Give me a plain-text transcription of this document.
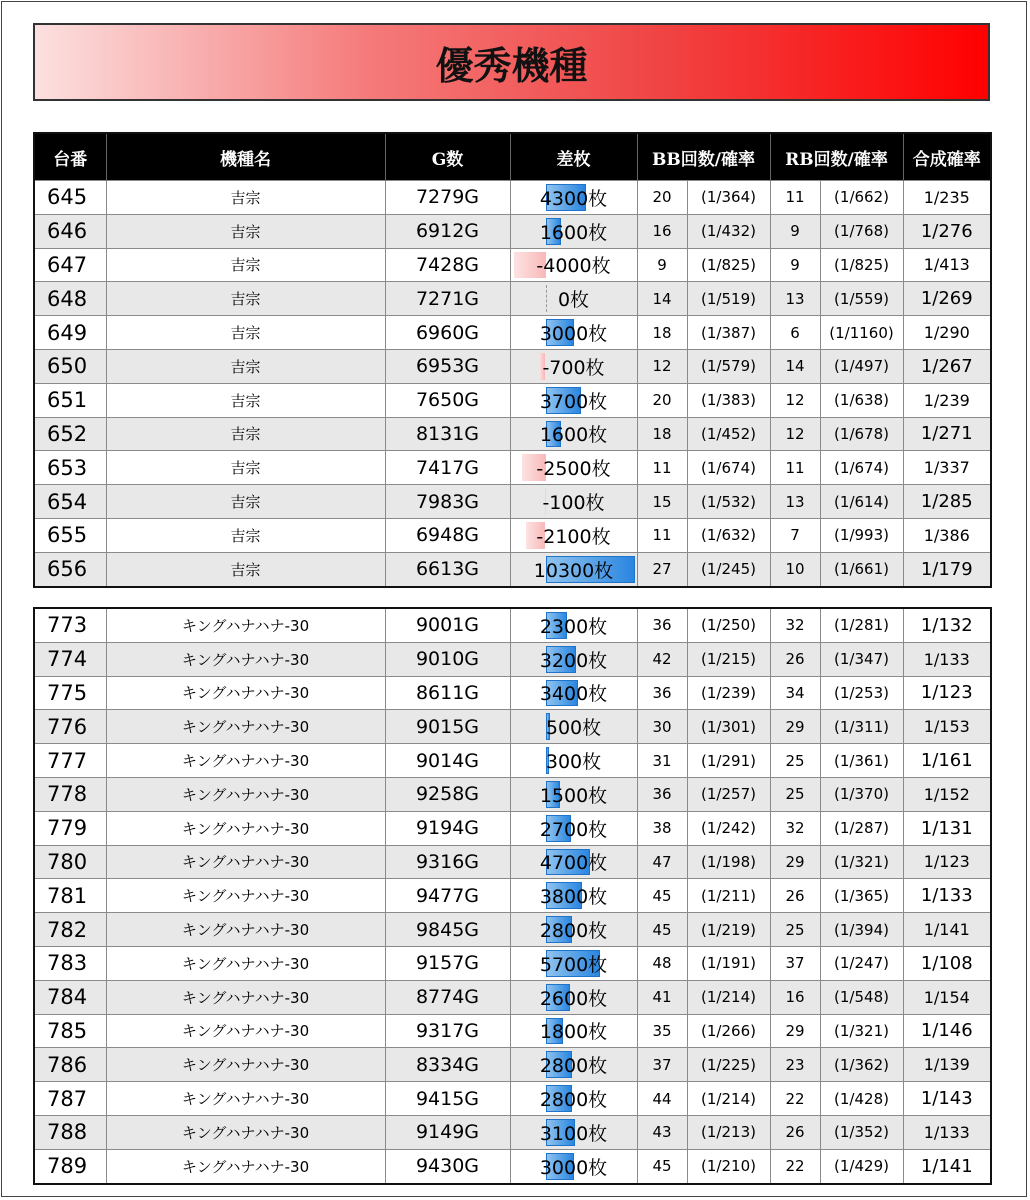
優秀機種
台番	機種名	G数	差枚	BB回数/確率		RB回数/確率		合成確率
645	吉宗	7279G	4300枚	20	(1/364)	11	(1/662)	1/235
646	吉宗	6912G	1600枚	16	(1/432)	9	(1/768)	1/276
647	吉宗	7428G	-4000枚	9	(1/825)	9	(1/825)	1/413
648	吉宗	7271G	0枚	14	(1/519)	13	(1/559)	1/269
649	吉宗	6960G	3000枚	18	(1/387)	6	(1/1160)	1/290
650	吉宗	6953G	-700枚	12	(1/579)	14	(1/497)	1/267
651	吉宗	7650G	3700枚	20	(1/383)	12	(1/638)	1/239
652	吉宗	8131G	1600枚	18	(1/452)	12	(1/678)	1/271
653	吉宗	7417G	-2500枚	11	(1/674)	11	(1/674)	1/337
654	吉宗	7983G	-100枚	15	(1/532)	13	(1/614)	1/285
655	吉宗	6948G	-2100枚	11	(1/632)	7	(1/993)	1/386
656	吉宗	6613G	10300枚	27	(1/245)	10	(1/661)	1/179
773	キングハナハナ-30	9001G	2300枚	36	(1/250)	32	(1/281)	1/132
774	キングハナハナ-30	9010G	3200枚	42	(1/215)	26	(1/347)	1/133
775	キングハナハナ-30	8611G	3400枚	36	(1/239)	34	(1/253)	1/123
776	キングハナハナ-30	9015G	500枚	30	(1/301)	29	(1/311)	1/153
777	キングハナハナ-30	9014G	300枚	31	(1/291)	25	(1/361)	1/161
778	キングハナハナ-30	9258G	1500枚	36	(1/257)	25	(1/370)	1/152
779	キングハナハナ-30	9194G	2700枚	38	(1/242)	32	(1/287)	1/131
780	キングハナハナ-30	9316G	4700枚	47	(1/198)	29	(1/321)	1/123
781	キングハナハナ-30	9477G	3800枚	45	(1/211)	26	(1/365)	1/133
782	キングハナハナ-30	9845G	2800枚	45	(1/219)	25	(1/394)	1/141
783	キングハナハナ-30	9157G	5700枚	48	(1/191)	37	(1/247)	1/108
784	キングハナハナ-30	8774G	2600枚	41	(1/214)	16	(1/548)	1/154
785	キングハナハナ-30	9317G	1800枚	35	(1/266)	29	(1/321)	1/146
786	キングハナハナ-30	8334G	2800枚	37	(1/225)	23	(1/362)	1/139
787	キングハナハナ-30	9415G	2800枚	44	(1/214)	22	(1/428)	1/143
788	キングハナハナ-30	9149G	3100枚	43	(1/213)	26	(1/352)	1/133
789	キングハナハナ-30	9430G	3000枚	45	(1/210)	22	(1/429)	1/141
